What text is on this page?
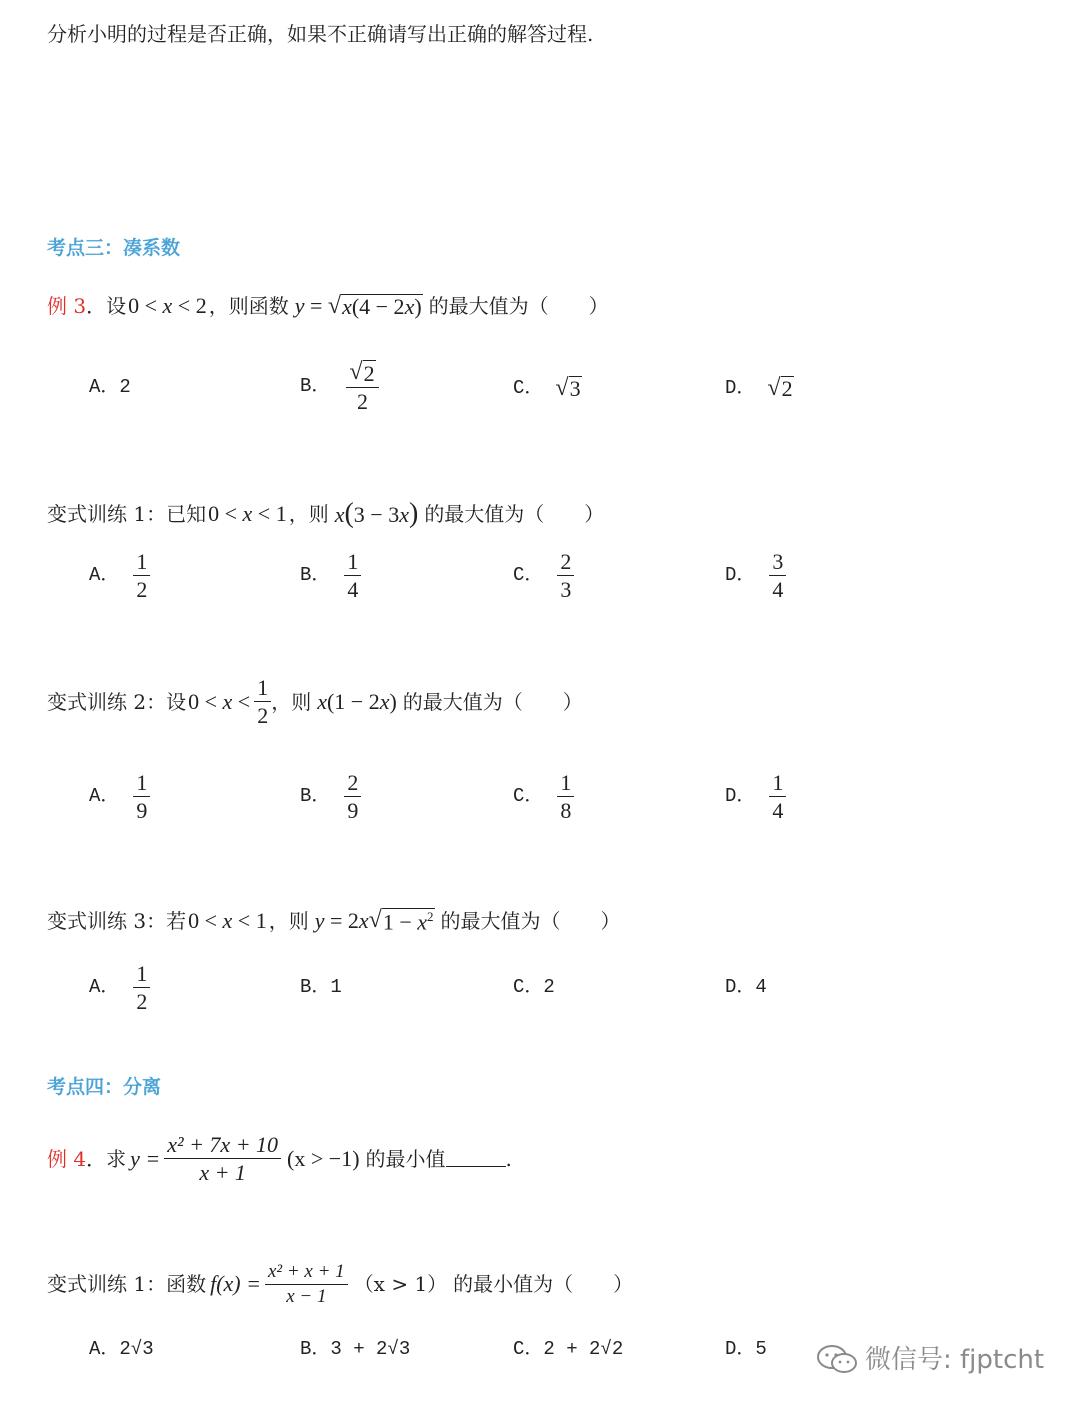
分析小明的过程是否正确，如果不正确请写出正确的解答过程.
考点三：凑系数
例 3 ．设 0 < x < 2 ，则函数 y = √ x(4 − 2x) 的最大值为（　　）
A．2	B． $\frac{√ 2}{2}$	C． √ 3	D． √ 2
变式训练 1：已知 0 < x < 1 ，则 x(3 − 3x) 的最大值为（　　）
A． $\frac{1}{2}$	B． $\frac{1}{4}$	C． $\frac{2}{3}$	D． $\frac{3}{4}$
变式训练 2：设 $0 < x < \frac{1}{2}$ ，则 x(1 − 2x) 的最大值为（　　）
A． $\frac{1}{9}$	B． $\frac{2}{9}$	C． $\frac{1}{8}$	D． $\frac{1}{4}$
变式训练 3：若 0 < x < 1 ，则 y = 2 x √ $1 - x^2$ 的最大值为（　　）
A． $\frac{1}{2}$	B．1	C．2	D．4
考点四：分离
例 4 ．求 $y = \frac{\text{x² + 7x + 10}}{x + 1} (x > -1)$ 的最小值	.
变式训练 1：函数 $f(x) = \frac{\text{x² + x + 1}}{x - 1} (x > 1)$ 的最小值为（　　）
A．2√3	B．3 + 2√3	C．2 + 2√2	D．5	微信号: fjptcht
